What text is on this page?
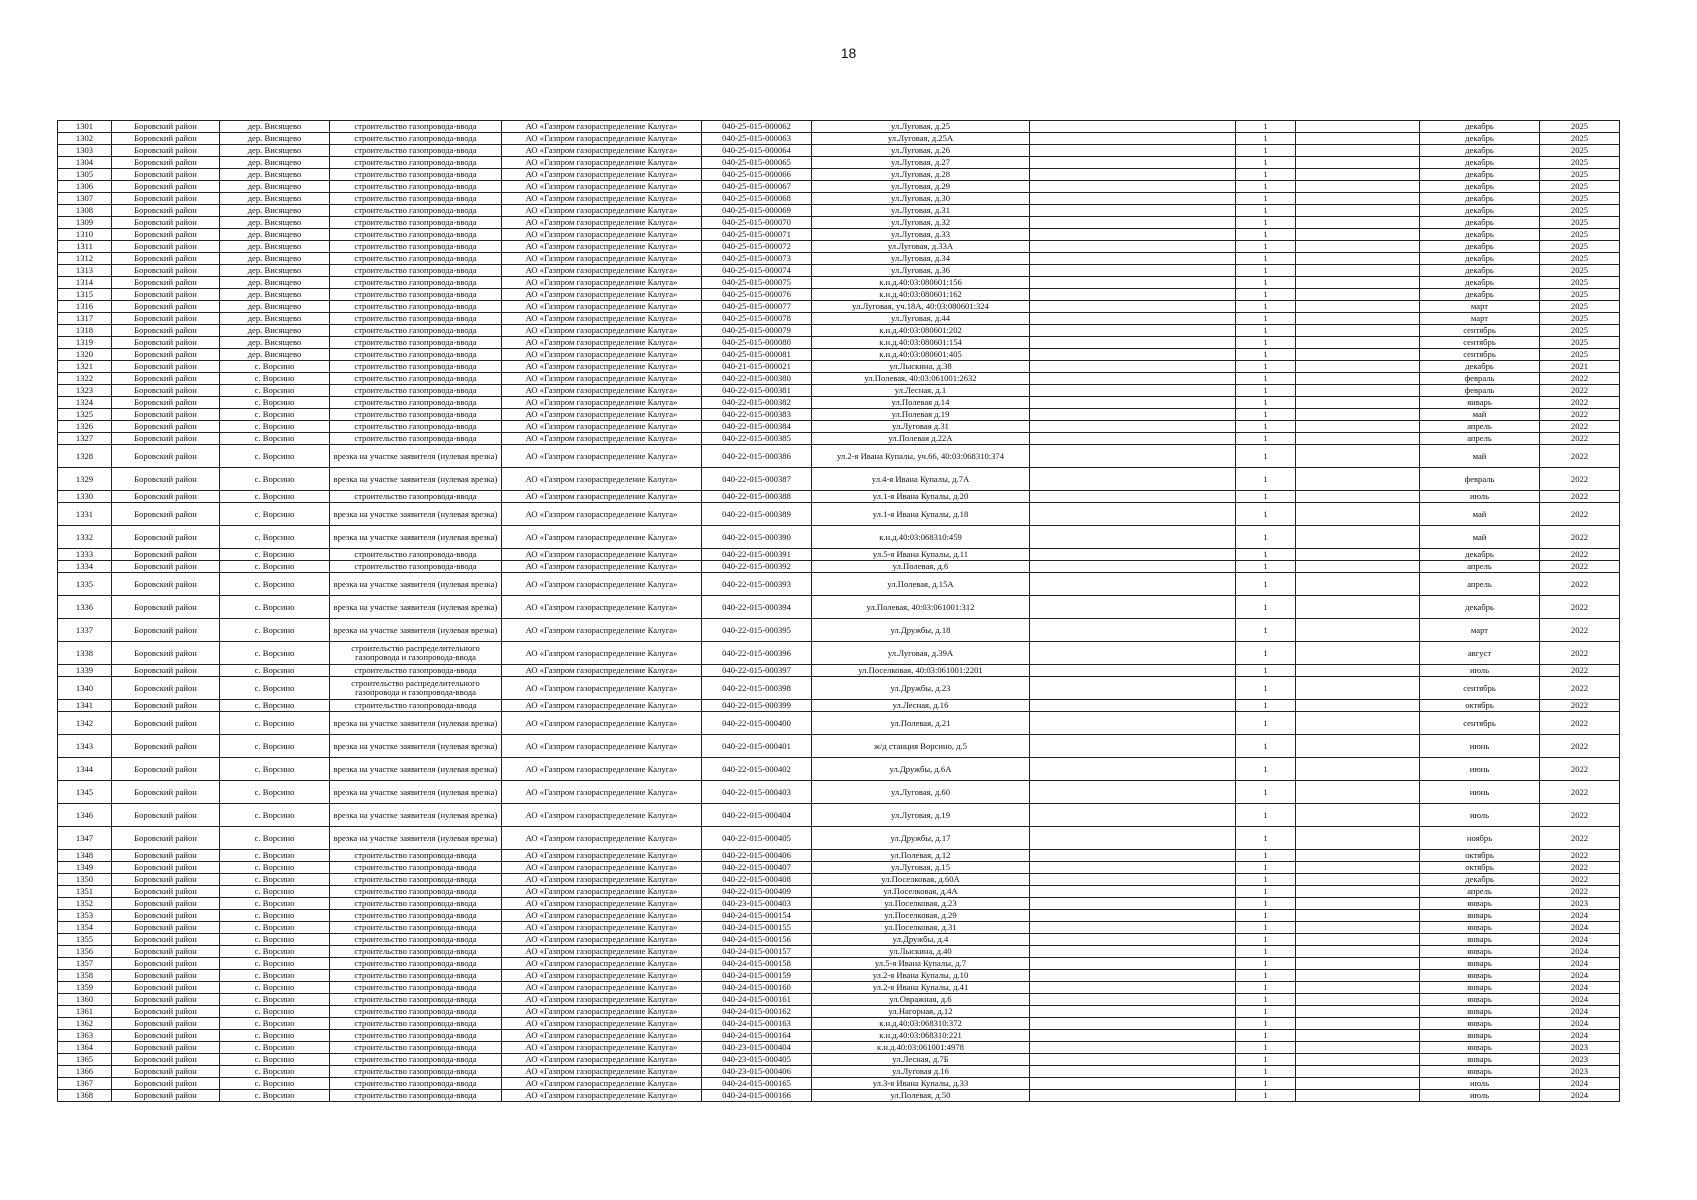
18
1301	Боровский район	дер. Висящево	строительство газопровода-ввода	АО «Газпром газораспределение Калуга»	040-25-015-000062	ул.Луговая, д.25		1		декабрь	2025
1302	Боровский район	дер. Висящево	строительство газопровода-ввода	АО «Газпром газораспределение Калуга»	040-25-015-000063	ул.Луговая, д.25А		1		декабрь	2025
1303	Боровский район	дер. Висящево	строительство газопровода-ввода	АО «Газпром газораспределение Калуга»	040-25-015-000064	ул.Луговая, д.26		1		декабрь	2025
1304	Боровский район	дер. Висящево	строительство газопровода-ввода	АО «Газпром газораспределение Калуга»	040-25-015-000065	ул.Луговая, д.27		1		декабрь	2025
1305	Боровский район	дер. Висящево	строительство газопровода-ввода	АО «Газпром газораспределение Калуга»	040-25-015-000066	ул.Луговая, д.28		1		декабрь	2025
1306	Боровский район	дер. Висящево	строительство газопровода-ввода	АО «Газпром газораспределение Калуга»	040-25-015-000067	ул.Луговая, д.29		1		декабрь	2025
1307	Боровский район	дер. Висящево	строительство газопровода-ввода	АО «Газпром газораспределение Калуга»	040-25-015-000068	ул.Луговая, д.30		1		декабрь	2025
1308	Боровский район	дер. Висящево	строительство газопровода-ввода	АО «Газпром газораспределение Калуга»	040-25-015-000069	ул.Луговая, д.31		1		декабрь	2025
1309	Боровский район	дер. Висящево	строительство газопровода-ввода	АО «Газпром газораспределение Калуга»	040-25-015-000070	ул.Луговая, д.32		1		декабрь	2025
1310	Боровский район	дер. Висящево	строительство газопровода-ввода	АО «Газпром газораспределение Калуга»	040-25-015-000071	ул.Луговая, д.33		1		декабрь	2025
1311	Боровский район	дер. Висящево	строительство газопровода-ввода	АО «Газпром газораспределение Калуга»	040-25-015-000072	ул.Луговая, д.33А		1		декабрь	2025
1312	Боровский район	дер. Висящево	строительство газопровода-ввода	АО «Газпром газораспределение Калуга»	040-25-015-000073	ул.Луговая, д.34		1		декабрь	2025
1313	Боровский район	дер. Висящево	строительство газопровода-ввода	АО «Газпром газораспределение Калуга»	040-25-015-000074	ул.Луговая, д.36		1		декабрь	2025
1314	Боровский район	дер. Висящево	строительство газопровода-ввода	АО «Газпром газораспределение Калуга»	040-25-015-000075	к.н.д.40:03:080601:156		1		декабрь	2025
1315	Боровский район	дер. Висящево	строительство газопровода-ввода	АО «Газпром газораспределение Калуга»	040-25-015-000076	к.н.д.40:03:080601:162		1		декабрь	2025
1316	Боровский район	дер. Висящево	строительство газопровода-ввода	АО «Газпром газораспределение Калуга»	040-25-015-000077	ул.Луговая, уч.18А, 40:03:080601:324		1		март	2025
1317	Боровский район	дер. Висящево	строительство газопровода-ввода	АО «Газпром газораспределение Калуга»	040-25-015-000078	ул.Луговая, д.44		1		март	2025
1318	Боровский район	дер. Висящево	строительство газопровода-ввода	АО «Газпром газораспределение Калуга»	040-25-015-000079	к.н.д.40:03:080601:202		1		сентябрь	2025
1319	Боровский район	дер. Висящево	строительство газопровода-ввода	АО «Газпром газораспределение Калуга»	040-25-015-000080	к.н.д.40:03:080601:154		1		сентябрь	2025
1320	Боровский район	дер. Висящево	строительство газопровода-ввода	АО «Газпром газораспределение Калуга»	040-25-015-000081	к.н.д.40:03:080601:405		1		сентябрь	2025
1321	Боровский район	с. Ворсино	строительство газопровода-ввода	АО «Газпром газораспределение Калуга»	040-21-015-000021	ул.Лыскина, д.38		1		декабрь	2021
1322	Боровский район	с. Ворсино	строительство газопровода-ввода	АО «Газпром газораспределение Калуга»	040-22-015-000380	ул.Полевая, 40:03:061001:2632		1		февраль	2022
1323	Боровский район	с. Ворсино	строительство газопровода-ввода	АО «Газпром газораспределение Калуга»	040-22-015-000381	ул.Лесная, д.1		1		февраль	2022
1324	Боровский район	с. Ворсино	строительство газопровода-ввода	АО «Газпром газораспределение Калуга»	040-22-015-000382	ул.Полевая д.14		1		январь	2022
1325	Боровский район	с. Ворсино	строительство газопровода-ввода	АО «Газпром газораспределение Калуга»	040-22-015-000383	ул.Полевая д.19		1		май	2022
1326	Боровский район	с. Ворсино	строительство газопровода-ввода	АО «Газпром газораспределение Калуга»	040-22-015-000384	ул.Луговая д.31		1		апрель	2022
1327	Боровский район	с. Ворсино	строительство газопровода-ввода	АО «Газпром газораспределение Калуга»	040-22-015-000385	ул.Полевая д.22А		1		апрель	2022
1328	Боровский район	с. Ворсино	врезка на участке заявителя (нулевая врезка)	АО «Газпром газораспределение Калуга»	040-22-015-000386	ул.2-я Ивана Купалы, уч.66, 40:03:068310:374		1		май	2022
1329	Боровский район	с. Ворсино	врезка на участке заявителя (нулевая врезка)	АО «Газпром газораспределение Калуга»	040-22-015-000387	ул.4-я Ивана Купалы, д.7А		1		февраль	2022
1330	Боровский район	с. Ворсино	строительство газопровода-ввода	АО «Газпром газораспределение Калуга»	040-22-015-000388	ул.1-я Ивана Купалы, д.20		1		июль	2022
1331	Боровский район	с. Ворсино	врезка на участке заявителя (нулевая врезка)	АО «Газпром газораспределение Калуга»	040-22-015-000389	ул.1-я Ивана Купалы, д.18		1		май	2022
1332	Боровский район	с. Ворсино	врезка на участке заявителя (нулевая врезка)	АО «Газпром газораспределение Калуга»	040-22-015-000390	к.н.д.40:03:068310:459		1		май	2022
1333	Боровский район	с. Ворсино	строительство газопровода-ввода	АО «Газпром газораспределение Калуга»	040-22-015-000391	ул.5-я Ивана Купалы, д.11		1		декабрь	2022
1334	Боровский район	с. Ворсино	строительство газопровода-ввода	АО «Газпром газораспределение Калуга»	040-22-015-000392	ул.Полевая, д.6		1		апрель	2022
1335	Боровский район	с. Ворсино	врезка на участке заявителя (нулевая врезка)	АО «Газпром газораспределение Калуга»	040-22-015-000393	ул.Полевая, д.15А		1		апрель	2022
1336	Боровский район	с. Ворсино	врезка на участке заявителя (нулевая врезка)	АО «Газпром газораспределение Калуга»	040-22-015-000394	ул.Полевая, 40:03:061001:312		1		декабрь	2022
1337	Боровский район	с. Ворсино	врезка на участке заявителя (нулевая врезка)	АО «Газпром газораспределение Калуга»	040-22-015-000395	ул.Дружбы, д.18		1		март	2022
1338	Боровский район	с. Ворсино	строительство распределительного газопровода и газопровода-ввода	АО «Газпром газораспределение Калуга»	040-22-015-000396	ул.Луговая, д.39А		1		август	2022
1339	Боровский район	с. Ворсино	строительство газопровода-ввода	АО «Газпром газораспределение Калуга»	040-22-015-000397	ул.Поселковая, 40:03:061001:2201		1		июль	2022
1340	Боровский район	с. Ворсино	строительство распределительного газопровода и газопровода-ввода	АО «Газпром газораспределение Калуга»	040-22-015-000398	ул.Дружбы, д.23		1		сентябрь	2022
1341	Боровский район	с. Ворсино	строительство газопровода-ввода	АО «Газпром газораспределение Калуга»	040-22-015-000399	ул.Лесная, д.16		1		октябрь	2022
1342	Боровский район	с. Ворсино	врезка на участке заявителя (нулевая врезка)	АО «Газпром газораспределение Калуга»	040-22-015-000400	ул.Полевая, д.21		1		сентябрь	2022
1343	Боровский район	с. Ворсино	врезка на участке заявителя (нулевая врезка)	АО «Газпром газораспределение Калуга»	040-22-015-000401	ж/д станция Ворсино, д.5		1		июнь	2022
1344	Боровский район	с. Ворсино	врезка на участке заявителя (нулевая врезка)	АО «Газпром газораспределение Калуга»	040-22-015-000402	ул.Дружбы, д.6А		1		июнь	2022
1345	Боровский район	с. Ворсино	врезка на участке заявителя (нулевая врезка)	АО «Газпром газораспределение Калуга»	040-22-015-000403	ул.Луговая, д.60		1		июнь	2022
1346	Боровский район	с. Ворсино	врезка на участке заявителя (нулевая врезка)	АО «Газпром газораспределение Калуга»	040-22-015-000404	ул.Луговая, д.19		1		июль	2022
1347	Боровский район	с. Ворсино	врезка на участке заявителя (нулевая врезка)	АО «Газпром газораспределение Калуга»	040-22-015-000405	ул.Дружбы, д.17		1		ноябрь	2022
1348	Боровский район	с. Ворсино	строительство газопровода-ввода	АО «Газпром газораспределение Калуга»	040-22-015-000406	ул.Полевая, д.12		1		октябрь	2022
1349	Боровский район	с. Ворсино	строительство газопровода-ввода	АО «Газпром газораспределение Калуга»	040-22-015-000407	ул.Луговая, д.15		1		октябрь	2022
1350	Боровский район	с. Ворсино	строительство газопровода-ввода	АО «Газпром газораспределение Калуга»	040-22-015-000408	ул.Поселковая, д.60А		1		декабрь	2022
1351	Боровский район	с. Ворсино	строительство газопровода-ввода	АО «Газпром газораспределение Калуга»	040-22-015-000409	ул.Поселковая, д.4А		1		апрель	2022
1352	Боровский район	с. Ворсино	строительство газопровода-ввода	АО «Газпром газораспределение Калуга»	040-23-015-000403	ул.Поселковая, д.23		1		январь	2023
1353	Боровский район	с. Ворсино	строительство газопровода-ввода	АО «Газпром газораспределение Калуга»	040-24-015-000154	ул.Поселковая, д.29		1		январь	2024
1354	Боровский район	с. Ворсино	строительство газопровода-ввода	АО «Газпром газораспределение Калуга»	040-24-015-000155	ул.Поселковая, д.31		1		январь	2024
1355	Боровский район	с. Ворсино	строительство газопровода-ввода	АО «Газпром газораспределение Калуга»	040-24-015-000156	ул.Дружбы, д.4		1		январь	2024
1356	Боровский район	с. Ворсино	строительство газопровода-ввода	АО «Газпром газораспределение Калуга»	040-24-015-000157	ул.Лыскина, д.40		1		январь	2024
1357	Боровский район	с. Ворсино	строительство газопровода-ввода	АО «Газпром газораспределение Калуга»	040-24-015-000158	ул.5-я Ивана Купалы, д.7		1		январь	2024
1358	Боровский район	с. Ворсино	строительство газопровода-ввода	АО «Газпром газораспределение Калуга»	040-24-015-000159	ул.2-я Ивана Купалы, д.10		1		январь	2024
1359	Боровский район	с. Ворсино	строительство газопровода-ввода	АО «Газпром газораспределение Калуга»	040-24-015-000160	ул.2-я Ивана Купалы, д.41		1		январь	2024
1360	Боровский район	с. Ворсино	строительство газопровода-ввода	АО «Газпром газораспределение Калуга»	040-24-015-000161	ул.Овражная, д.6		1		январь	2024
1361	Боровский район	с. Ворсино	строительство газопровода-ввода	АО «Газпром газораспределение Калуга»	040-24-015-000162	ул.Нагорная, д.12		1		январь	2024
1362	Боровский район	с. Ворсино	строительство газопровода-ввода	АО «Газпром газораспределение Калуга»	040-24-015-000163	к.н.д.40:03:068310:372		1		январь	2024
1363	Боровский район	с. Ворсино	строительство газопровода-ввода	АО «Газпром газораспределение Калуга»	040-24-015-000164	к.н.д.40:03:068310:221		1		январь	2024
1364	Боровский район	с. Ворсино	строительство газопровода-ввода	АО «Газпром газораспределение Калуга»	040-23-015-000404	к.н.д.40:03:061001:4978		1		январь	2023
1365	Боровский район	с. Ворсино	строительство газопровода-ввода	АО «Газпром газораспределение Калуга»	040-23-015-000405	ул.Лесная, д.7Б		1		январь	2023
1366	Боровский район	с. Ворсино	строительство газопровода-ввода	АО «Газпром газораспределение Калуга»	040-23-015-000406	ул.Луговая д.16		1		январь	2023
1367	Боровский район	с. Ворсино	строительство газопровода-ввода	АО «Газпром газораспределение Калуга»	040-24-015-000165	ул.3-я Ивана Купалы, д.33		1		июль	2024
1368	Боровский район	с. Ворсино	строительство газопровода-ввода	АО «Газпром газораспределение Калуга»	040-24-015-000166	ул.Полевая, д.50		1		июль	2024
